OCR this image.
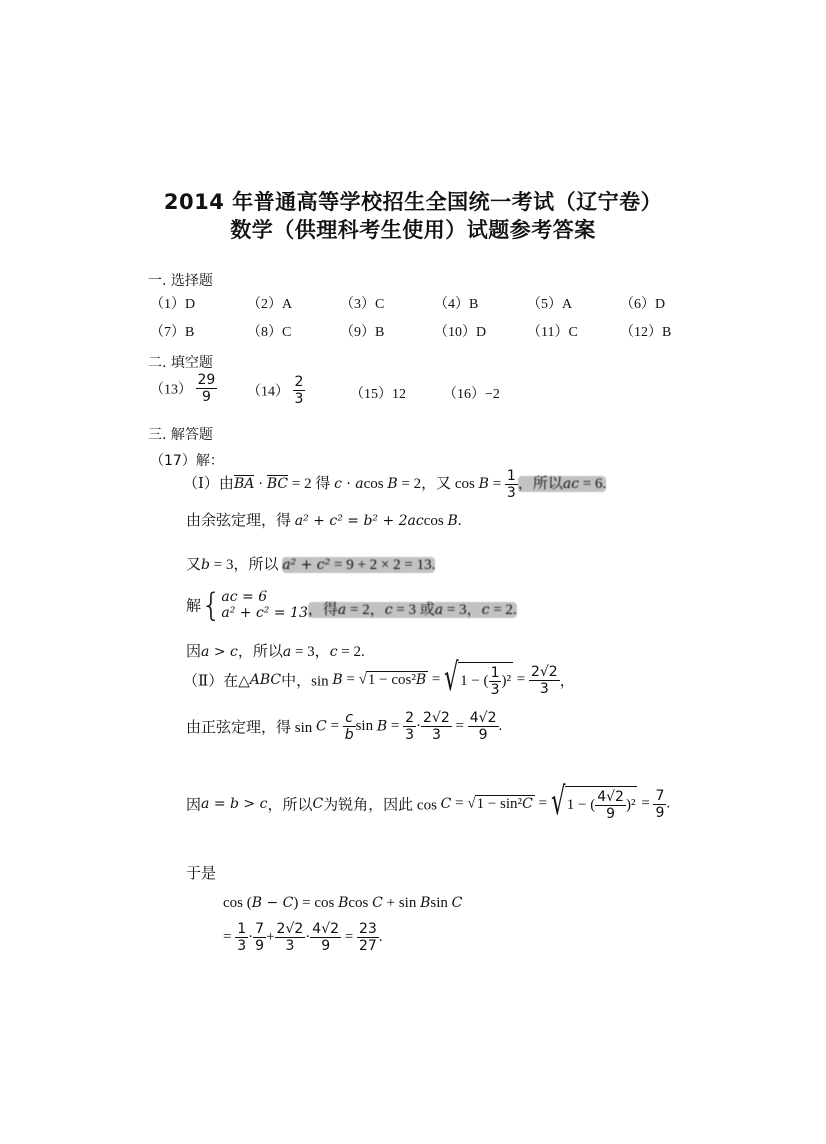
2014 年普通高等学校招生全国统一考试（辽宁卷）
数学（供理科考生使用）试题参考答案
一. 选择题
（1）D	（2）A	（3）C	（4）B	（5）A	（6）D
（7）B	（8）C	（9）B	（10）D	（11）C	（12）B
二. 填空题
$(13) \frac{29}{9} (14) \frac{2}{3}$	（15）12	（16）−2
三. 解答题
（17）解：
（Ⅰ）由BA · BC = 2 得 c · acos B = 2，又 $\cos B = \frac{1}{3}$ ，所以ac = 6.
由余弦定理，得 a² + c² = b² + 2accos B.
又b = 3，所以 a² + c² = 9 + 2 × 2 = 13.
解{ ac = 6
a² + c² = 13 ，得a = 2，c = 3 或a = 3，c = 2.
因a > c，所以a = 3，c = 2.
（Ⅱ）在△ABC中，sin B = √1 − cos²B = √ 1 − ( $\frac{1}{3} )^2 = \frac{2√2}{3}$ ，
由正弦定理，得 $\sin C = \frac{c}{b}$ $\sin B = \frac{2}{3} \cdot \frac{2√2}{3} = \frac{4√2}{9}$ .
因a = b > c，所以C为锐角，因此 cos C = √1 − sin²C = √ 1 − ( $\frac{4√2}{9} )^2 = \frac{7}{9}$ .
于是
cos (B − C) = cos Bcos C + sin Bsin C
= $\frac{1}{3} \cdot \frac{7}{9} + \frac{2√2}{3} \cdot \frac{4√2}{9} = \frac{23}{27}$ .
